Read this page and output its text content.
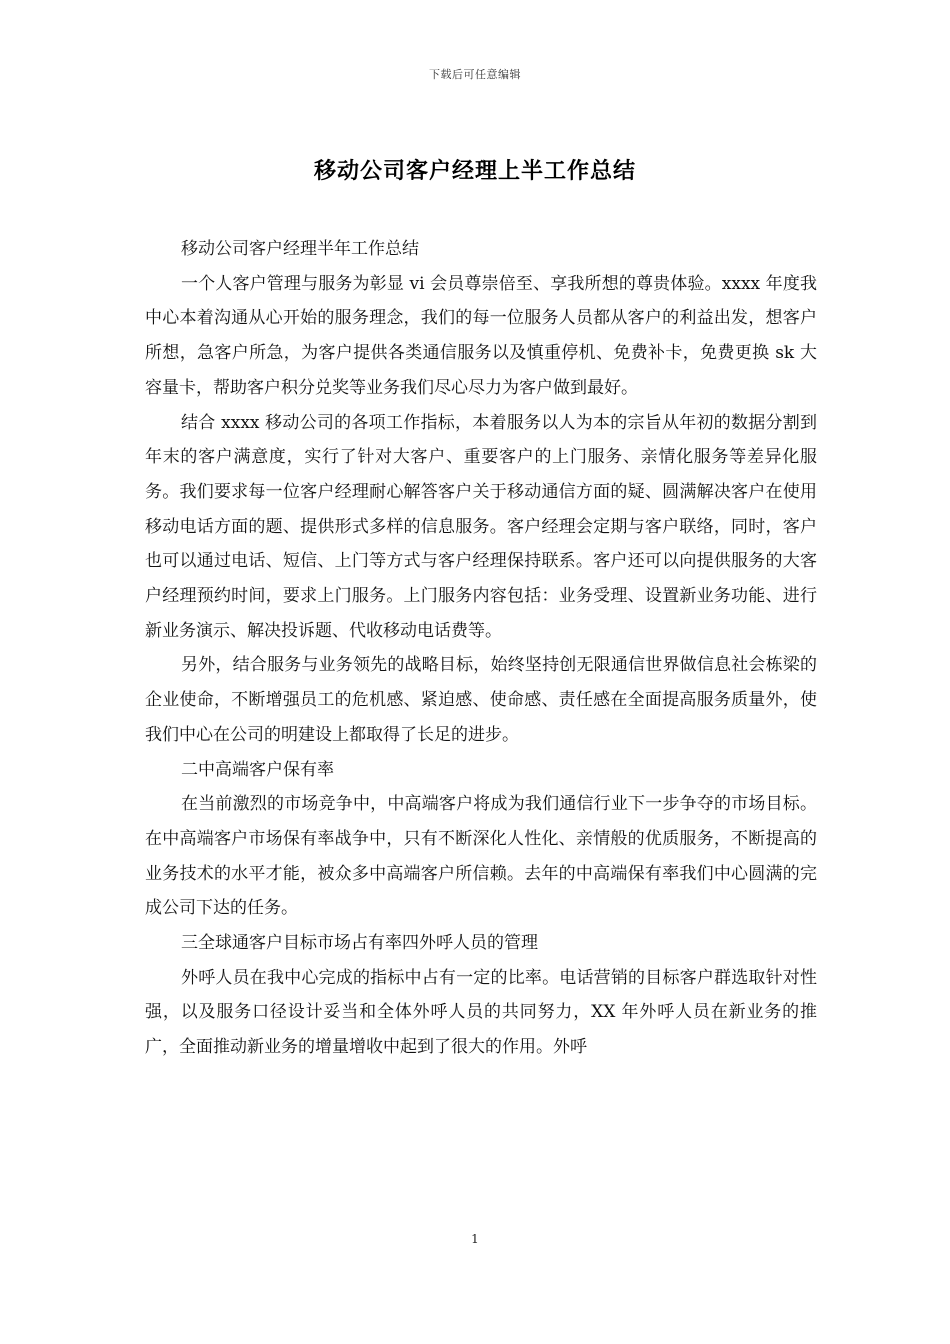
下载后可任意编辑
移动公司客户经理上半工作总结

移动公司客户经理半年工作总结

一个人客户管理与服务为彰显 vi 会员尊崇倍至、享我所想的尊贵体验。xxxx 年度我中心本着沟通从心开始的服务理念，我们的每一位服务人员都从客户的利益出发，想客户所想，急客户所急，为客户提供各类通信服务以及慎重停机、免费补卡，免费更换 sk 大容量卡，帮助客户积分兑奖等业务我们尽心尽力为客户做到最好。

结合 xxxx 移动公司的各项工作指标，本着服务以人为本的宗旨从年初的数据分割到年末的客户满意度，实行了针对大客户、重要客户的上门服务、亲情化服务等差异化服务。我们要求每一位客户经理耐心解答客户关于移动通信方面的疑、圆满解决客户在使用移动电话方面的题、提供形式多样的信息服务。客户经理会定期与客户联络，同时，客户也可以通过电话、短信、上门等方式与客户经理保持联系。客户还可以向提供服务的大客户经理预约时间，要求上门服务。上门服务内容包括：业务受理、设置新业务功能、进行新业务演示、解决投诉题、代收移动电话费等。

另外，结合服务与业务领先的战略目标，始终坚持创无限通信世界做信息社会栋梁的企业使命，不断增强员工的危机感、紧迫感、使命感、责任感在全面提高服务质量外，使我们中心在公司的明建设上都取得了长足的进步。

二中高端客户保有率

在当前激烈的市场竞争中，中高端客户将成为我们通信行业下一步争夺的市场目标。在中高端客户市场保有率战争中，只有不断深化人性化、亲情般的优质服务，不断提高的业务技术的水平才能，被众多中高端客户所信赖。去年的中高端保有率我们中心圆满的完成公司下达的任务。

三全球通客户目标市场占有率四外呼人员的管理

外呼人员在我中心完成的指标中占有一定的比率。电话营销的目标客户群选取针对性强，以及服务口径设计妥当和全体外呼人员的共同努力，XX 年外呼人员在新业务的推广，全面推动新业务的增量增收中起到了很大的作用。外呼

1
